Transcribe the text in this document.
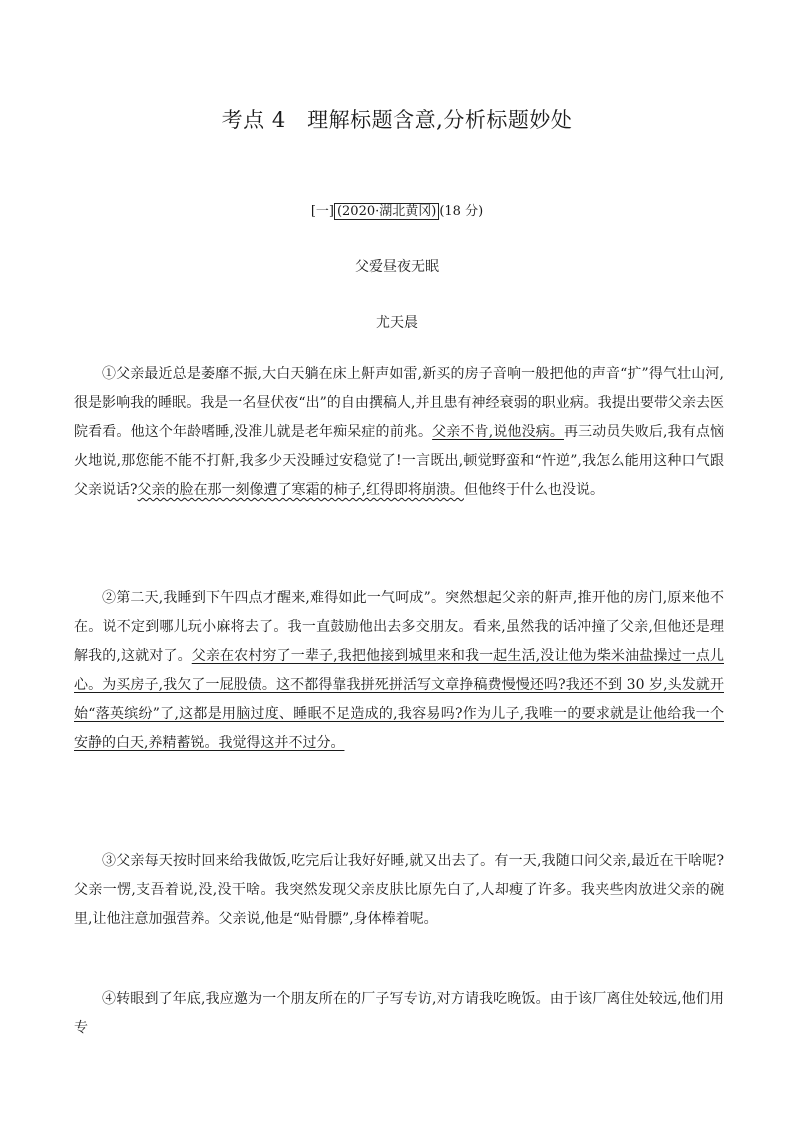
考点 4　理解标题含意,分析标题妙处
[一] (2020·湖北黄冈) (18 分)
父爱昼夜无眠
尤天晨

①父亲最近总是萎靡不振,大白天躺在床上鼾声如雷,新买的房子音响一般把他的声音“扩”得气壮山河,很是影响我的睡眠。我是一名昼伏夜“出”的自由撰稿人,并且患有神经衰弱的职业病。我提出要带父亲去医院看看。他这个年龄嗜睡,没准儿就是老年痴呆症的前兆。父亲不肯,说他没病。再三动员失败后,我有点恼火地说,那您能不能不打鼾,我多少天没睡过安稳觉了!一言既出,顿觉野蛮和“忤逆”,我怎么能用这种口气跟父亲说话?父亲的脸在那一刻像遭了寒霜的柿子,红得即将崩溃。但他终于什么也没说。

②第二天,我睡到下午四点才醒来,难得如此一气呵成”。突然想起父亲的鼾声,推开他的房门,原来他不在。说不定到哪儿玩小麻将去了。我一直鼓励他出去多交朋友。看来,虽然我的话冲撞了父亲,但他还是理解我的,这就对了。父亲在农村穷了一辈子,我把他接到城里来和我一起生活,没让他为柴米油盐操过一点儿心。为买房子,我欠了一屁股债。这不都得靠我拼死拼活写文章挣稿费慢慢还吗?我还不到 30 岁,头发就开始“落英缤纷”了,这都是用脑过度、睡眠不足造成的,我容易吗?作为儿子,我唯一的要求就是让他给我一个安静的白天,养精蓄锐。我觉得这并不过分。

③父亲每天按时回来给我做饭,吃完后让我好好睡,就又出去了。有一天,我随口问父亲,最近在干啥呢?父亲一愣,支吾着说,没,没干啥。我突然发现父亲皮肤比原先白了,人却瘦了许多。我夹些肉放进父亲的碗里,让他注意加强营养。父亲说,他是“贴骨膘”,身体棒着呢。

④转眼到了年底,我应邀为一个朋友所在的厂子写专访,对方请我吃晚饭。由于该厂离住处较远,他们用专
